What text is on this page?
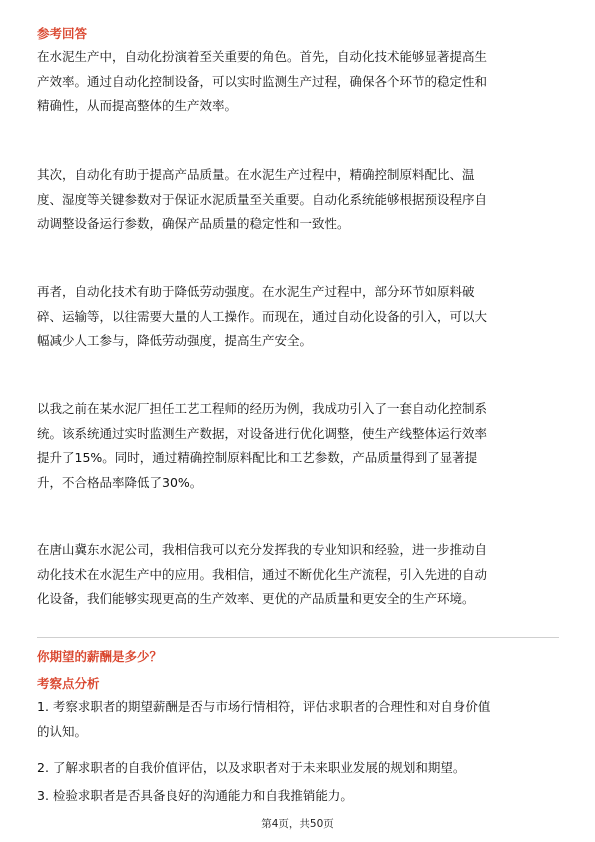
参考回答

在水泥生产中，自动化扮演着至关重要的角色。首先，自动化技术能够显著提高生
产效率。通过自动化控制设备，可以实时监测生产过程，确保各个环节的稳定性和
精确性，从而提高整体的生产效率。

其次，自动化有助于提高产品质量。在水泥生产过程中，精确控制原料配比、温
度、湿度等关键参数对于保证水泥质量至关重要。自动化系统能够根据预设程序自
动调整设备运行参数，确保产品质量的稳定性和一致性。

再者，自动化技术有助于降低劳动强度。在水泥生产过程中，部分环节如原料破
碎、运输等，以往需要大量的人工操作。而现在，通过自动化设备的引入，可以大
幅减少人工参与，降低劳动强度，提高生产安全。

以我之前在某水泥厂担任工艺工程师的经历为例，我成功引入了一套自动化控制系
统。该系统通过实时监测生产数据，对设备进行优化调整，使生产线整体运行效率
提升了15%。同时，通过精确控制原料配比和工艺参数，产品质量得到了显著提
升，不合格品率降低了30%。

在唐山冀东水泥公司，我相信我可以充分发挥我的专业知识和经验，进一步推动自
动化技术在水泥生产中的应用。我相信，通过不断优化生产流程，引入先进的自动
化设备，我们能够实现更高的生产效率、更优的产品质量和更安全的生产环境。

你期望的薪酬是多少？
考察点分析

1. 考察求职者的期望薪酬是否与市场行情相符，评估求职者的合理性和对自身价值
的认知。

2. 了解求职者的自我价值评估，以及求职者对于未来职业发展的规划和期望。

3. 检验求职者是否具备良好的沟通能力和自我推销能力。

第4页，共50页
